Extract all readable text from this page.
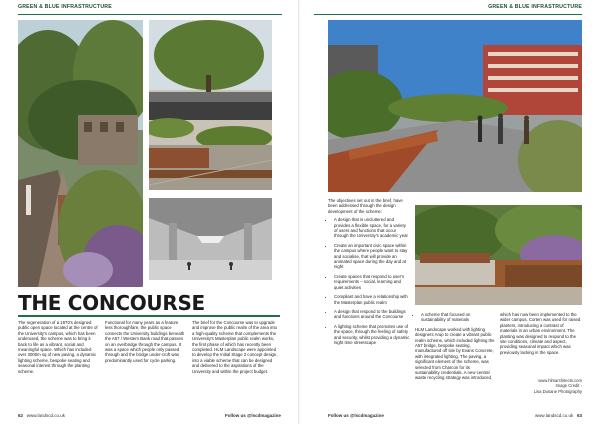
GREEN & BLUE INFRASTRUCTURE
THE CONCOURSE

The regeneration of a 1970's designed public open space located at the centre of the University's campus, which has been underused, the scheme was to bring it back to life as a vibrant, social and meaningful space. Which has included over 3000m sq of new paving, a dynamic lighting scheme, bespoke seating and seasonal interest through the planting scheme.

Functional for many years as a feature less thoroughfare, the public space connects the University buildings beneath the A57 / Western Bank road that passes on an overbridge through the campus. It was a space which people only passed through and the bridge under-croft was predominantly used for cycle parking.

The brief for the Concourse was to upgrade and improve the public realm of the area into a high-quality scheme that complements the University's Masterplan public realm works, the first phase of which has recently been completed. HLM Landscape were appointed to develop the Initial Stage 2 concept design, into a viable scheme that can be designed and delivered to the aspirations of the University and within the project budget.

62 www.landscd.co.uk	Follow us @lscdmagazine
GREEN & BLUE INFRASTRUCTURE

The objectives set out in the brief, have been addressed through the design development of the scheme:

• A design that is uncluttered and provides a flexible space, for a variety of users and functions that occur through the University's academic year
• Create an important civic space within the campus where people want to stay and socialise, that will provide an animated space during the day and at night
• Create spaces that respond to user's requirements – social, learning and quiet activities
• Compliant and have a relationship with the Masterplan public realm
• A design that respond to the buildings and functions around the Concourse
• A lighting scheme that promotes use of the space, through the feeling of safety and security, whilst providing a dynamic night time streetscape
• A scheme that focused on sustainability of materials

HLM Landscape worked with lighting designers Arup to create a vibrant public realm scheme, which included lighting the A57 bridge, bespoke seating, manufactured off site by Evans Concrete, with integrated lighting. The paving, a significant element of the scheme, was selected from Charcon for its sustainability credentials. A new central waste recycling strategy was introduced,

which has now been implemented to the wider campus. Corten was used for raised planters, introducing a contrast of materials in an urban environment. The planting was designed to respond to the site conditions, climate and aspect, providing seasonal impact which was previously lacking in the space.

www.hlmarchitects.com
Image Credit -
Lisa Dusane Photography
Follow us @lscdmagazine	www.landscd.co.uk 63
